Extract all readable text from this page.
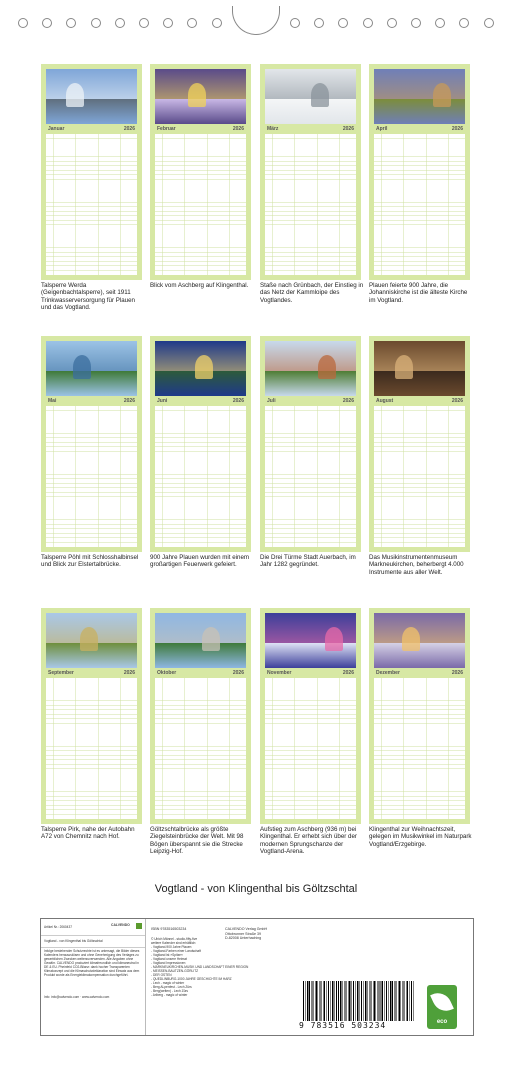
Januar	2026
Talsperre Werda (Geigenbachtalsperre), seit 1911 Trinkwasserversorgung für Plauen und das Vogtland.
Februar	2026
Blick vom Aschberg auf Klingenthal.
März	2026
Staße nach Grünbach, der Einstieg in das Netz der Kammloipe des Vogtlandes.
April	2026
Plauen feierte 900 Jahre, die Johanniskirche ist die älteste Kirche im Vogtland.
Mai	2026
Talsperre Pöhl mit Schlosshalbinsel und Blick zur Elstertalbrücke.
Juni	2026
900 Jahre Plauen wurden mit einem großartigen Feuerwerk gefeiert.
Juli	2026
Die Drei Türme Stadt Auerbach, im Jahr 1282 gegründet.
August	2026
Das Musikinstrumentenmuseum Markneukirchen, beherbergt 4.000 Instrumente aus aller Welt.
September	2026
Talsperre Pirk, nahe der Autobahn A72 von Chemnitz nach Hof.
Oktober	2026
Göltzschtalbrücke als größte Ziegelsteinbrücke der Welt. Mit 98 Bögen überspannt sie die Strecke Leipzig-Hof.
November	2026
Aufstieg zum Aschberg (936 m) bei Klingenthal. Er erhebt sich über der modernen Sprungschanze der Vogtland-Arena.
Dezember	2026
Klingenthal zur Weihnachtszeit, gelegen im Musikwinkel im Naturpark Vogtland/Erzgebirge.
Vogtland - von Klingenthal bis Göltzschtal
Artikel Nr.: 2060437	CALVENDO
Vogtland - von Klingenthal bis Göltzschtal
Infolge bestehender Schutzrechte ist es untersagt, die Bilder dieses Kalenders herauszulösen und ohne Genehmigung des Verlages zu gewerblichen Zwecken weiterzuverwenden. Alle Angaben ohne Gewähr. CALVENDO produziert klimafreundlich und klimaneutral in DE & EU. Pheinfeld CO2-Bilanz: dank hocher Transparenten Klimakonzept und die Klimaschutzdeklaration sind Einsatz aus dem Produkt wurde als Energieklimakompensation durchgeführt.
Info: info@calvendo.com · www.calvendo.com
ISBN 9783516503234
© Ulrich Männel - studio-fifty-five
weitere Kalender sind erhältlich:
- Vogtland-900 Jahre Plauen
- Vogtland-Farben einer Landschaft
- Vogtland ist »Spitze«
- Vogtland unsere Heimat
- Vogtland Impressionen
- MARKNEUKIRCHEN-MUSIK UND LANDSCHAFT EINER REGION
- MEISSEN-BAUTZEN-GÖRLITZ
- DER OSTEN
- QUEDLINBURG-1000 JAHRE GESCHICHTE IM HARZ
- Lech - magic of winter
- Berg ALpenfest - Lech Zürs
- Berg(welten) - Lech Zürs
- Arlberg - magic of winter
CALVENDO Verlag GmbH
Ottobrunner Straße 39
D-82008 Unterhaching
9 783516 503234	eco
